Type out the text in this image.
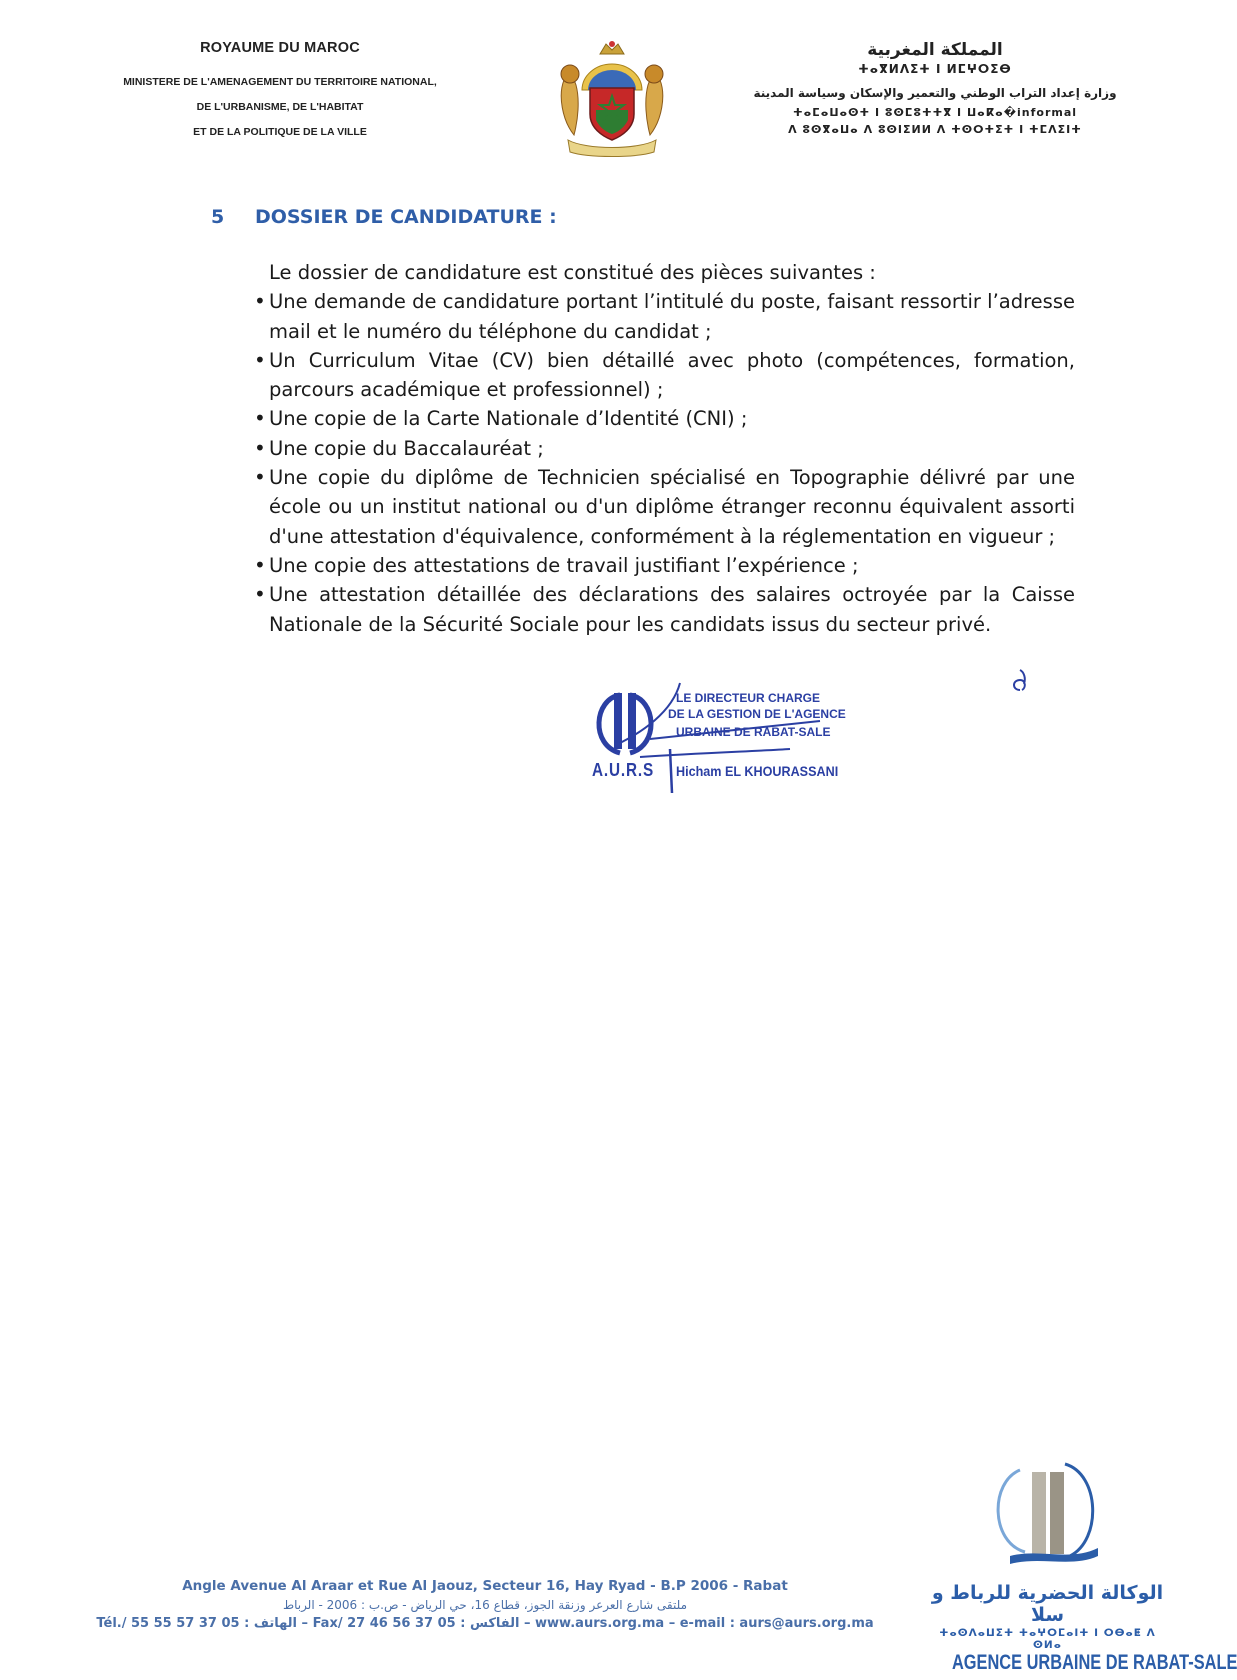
ROYAUME DU MAROC
MINISTERE DE L'AMENAGEMENT DU TERRITOIRE NATIONAL,
DE L'URBANISME, DE L'HABITAT
ET DE LA POLITIQUE DE LA VILLE
المملكة المغربية
ⵜⴰⴳⵍⴷⵉⵜ ⵏ ⵍⵎⵖⵔⵉⴱ
وزارة إعداد التراب الوطني والتعمير والإسكان وسياسة المدينة
ⵜⴰⵎⴰⵡⴰⵙⵜ ⵏ ⵓⵙⵎⵓⵜⵜⴳ ⵏ ⵡⴰⴽⴰ�informal
ⴷ ⵓⵙⴳⴰⵡⴰ ⴷ ⵓⵙⵏⵉⵍⵍ ⴷ ⵜⵙⵔⵜⵉⵜ ⵏ ⵜⵎⴷⵉⵏⵜ
5 DOSSIER DE CANDIDATURE :
Le dossier de candidature est constitué des pièces suivantes :
• Une demande de candidature portant l’intitulé du poste, faisant ressortir l’adresse mail et le numéro du téléphone du candidat ;
• Un Curriculum Vitae (CV) bien détaillé avec photo (compétences, formation, parcours académique et professionnel) ;
• Une copie de la Carte Nationale d’Identité (CNI) ;
• Une copie du Baccalauréat ;
• Une copie du diplôme de Technicien spécialisé en Topographie délivré par une école ou un institut national ou d'un diplôme étranger reconnu équivalent assorti d'une attestation d'équivalence, conformément à la réglementation en vigueur ;
• Une copie des attestations de travail justifiant l’expérience ;
• Une attestation détaillée des déclarations des salaires octroyée par la Caisse Nationale de la Sécurité Sociale pour les candidats issus du secteur privé.
LE DIRECTEUR CHARGE
DE LA GESTION DE L'AGENCE
URBAINE DE RABAT-SALE
A.U.R.S Hicham EL KHOURASSANI
Angle Avenue Al Araar et Rue Al Jaouz, Secteur 16, Hay Ryad - B.P 2006 - Rabat
ملتقى شارع العرعر وزنقة الجوز، قطاع 16، حي الرياض - ص.ب : 2006 - الرباط
Tél./ الهاتف : 05 37 57 55 55 – Fax/ الفاكس : 05 37 56 46 27 – www.aurs.org.ma – e-mail : aurs@aurs.org.ma
الوكالة الحضرية للرباط و سلا
ⵜⴰⵙⴷⴰⵡⵉⵜ ⵜⴰⵖⵔⵎⴰⵏⵜ ⵏ ⵔⴱⴰⵟ ⴷ ⵙⵍⴰ
AGENCE URBAINE DE RABAT-SALE
